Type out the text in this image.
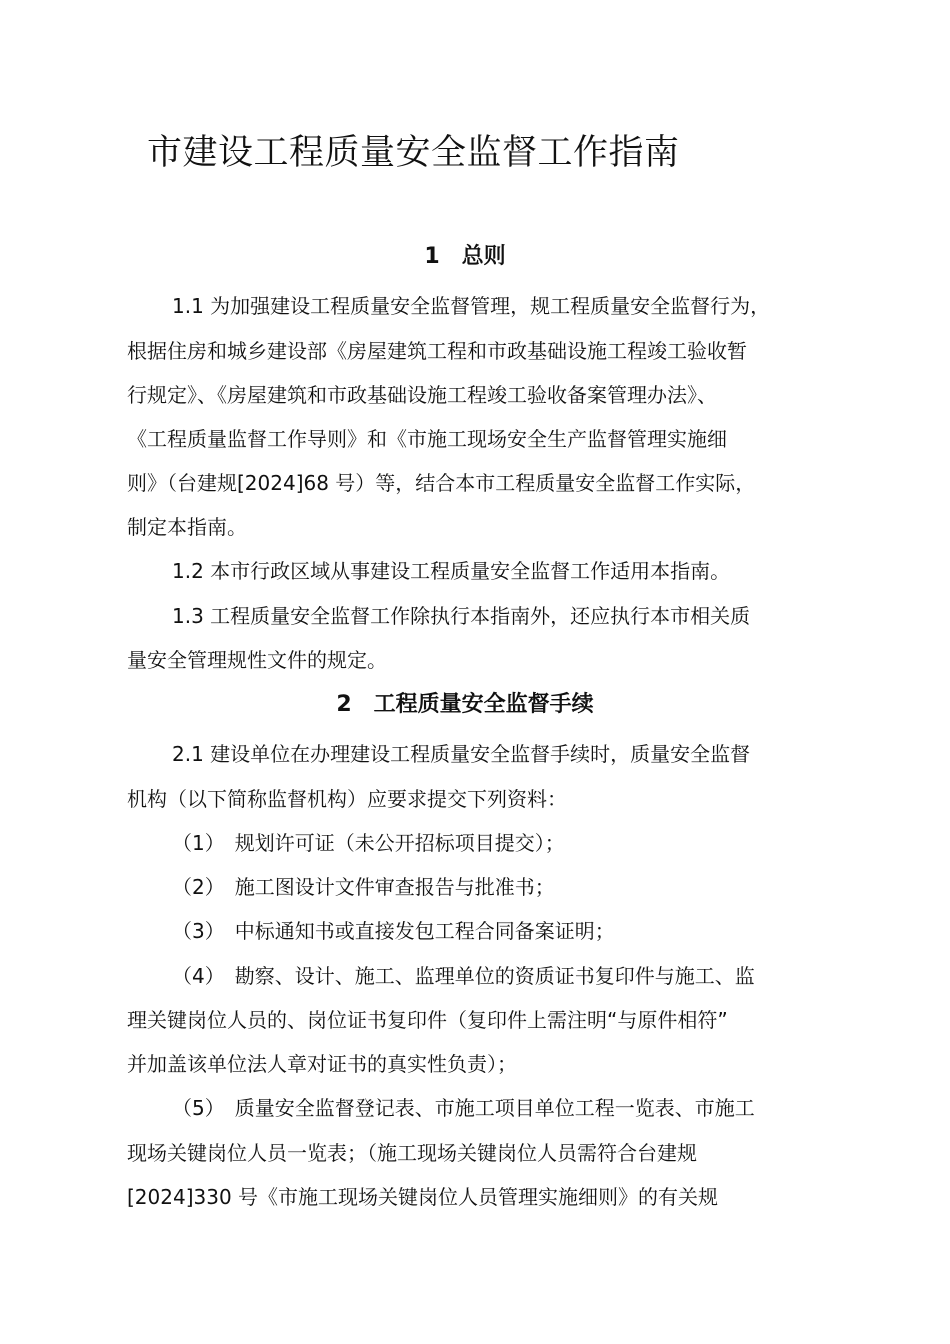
市建设工程质量安全监督工作指南
1　总则

1.1 为加强建设工程质量安全监督管理，规工程质量安全监督行为，

根据住房和城乡建设部《房屋建筑工程和市政基础设施工程竣工验收暂

行规定》、《房屋建筑和市政基础设施工程竣工验收备案管理办法》、

《工程质量监督工作导则》和《市施工现场安全生产监督管理实施细

则》（台建规[2024]68 号）等，结合本市工程质量安全监督工作实际，

制定本指南。

1.2 本市行政区域从事建设工程质量安全监督工作适用本指南。

1.3 工程质量安全监督工作除执行本指南外，还应执行本市相关质

量安全管理规性文件的规定。

2　工程质量安全监督手续

2.1 建设单位在办理建设工程质量安全监督手续时，质量安全监督

机构（以下简称监督机构）应要求提交下列资料：

（1）　规划许可证（未公开招标项目提交）；

（2）　施工图设计文件审查报告与批准书；

（3）　中标通知书或直接发包工程合同备案证明；

（4）　勘察、设计、施工、监理单位的资质证书复印件与施工、监

理关键岗位人员的、岗位证书复印件（复印件上需注明“与原件相符”

并加盖该单位法人章对证书的真实性负责）；

（5）　质量安全监督登记表、市施工项目单位工程一览表、市施工

现场关键岗位人员一览表；（施工现场关键岗位人员需符合台建规

[2024]330 号《市施工现场关键岗位人员管理实施细则》的有关规
